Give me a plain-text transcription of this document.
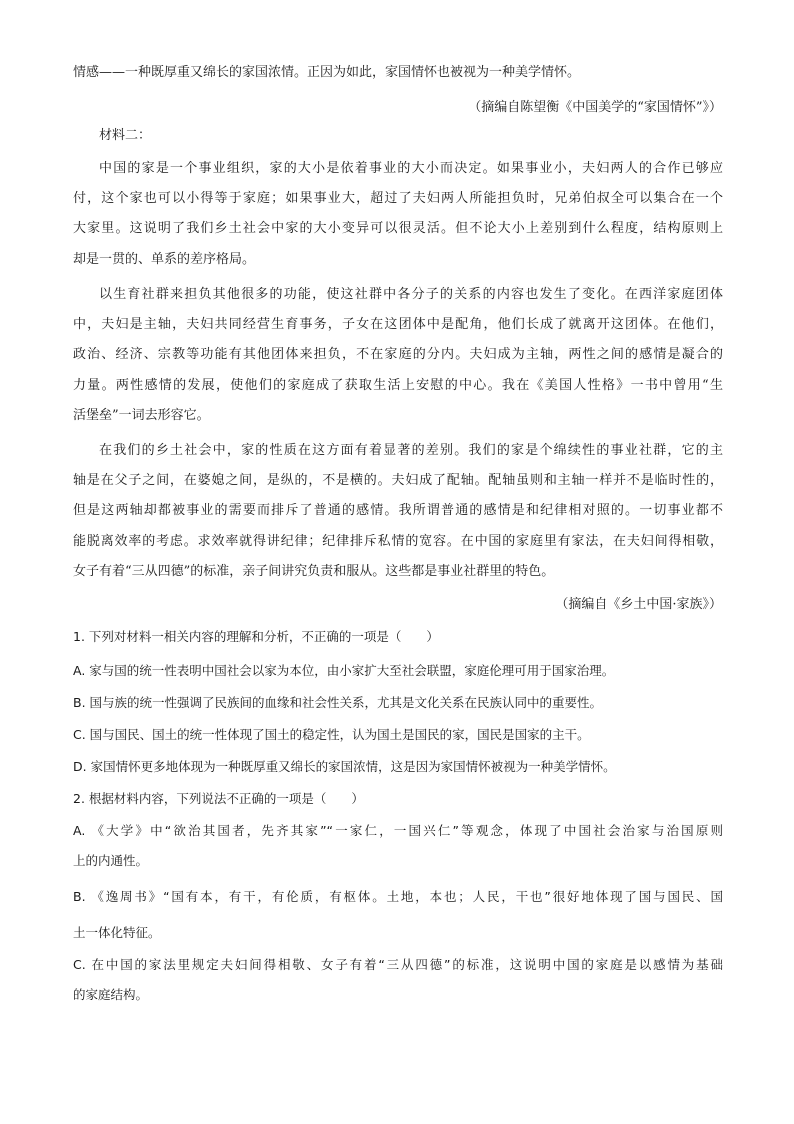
情感——一种既厚重又绵长的家国浓情。正因为如此，家国情怀也被视为一种美学情怀。
（摘编自陈望衡《中国美学的“家国情怀”》）
材料二：
中国的家是一个事业组织，家的大小是依着事业的大小而决定。如果事业小，夫妇两人的合作已够应
付，这个家也可以小得等于家庭；如果事业大，超过了夫妇两人所能担负时，兄弟伯叔全可以集合在一个
大家里。这说明了我们乡土社会中家的大小变异可以很灵活。但不论大小上差别到什么程度，结构原则上
却是一贯的、单系的差序格局。
以生育社群来担负其他很多的功能，使这社群中各分子的关系的内容也发生了变化。在西洋家庭团体
中，夫妇是主轴，夫妇共同经营生育事务，子女在这团体中是配角，他们长成了就离开这团体。在他们，
政治、经济、宗教等功能有其他团体来担负，不在家庭的分内。夫妇成为主轴，两性之间的感情是凝合的
力量。两性感情的发展，使他们的家庭成了获取生活上安慰的中心。我在《美国人性格》一书中曾用“生
活堡垒”一词去形容它。
在我们的乡土社会中，家的性质在这方面有着显著的差别。我们的家是个绵续性的事业社群，它的主
轴是在父子之间，在婆媳之间，是纵的，不是横的。夫妇成了配轴。配轴虽则和主轴一样并不是临时性的，
但是这两轴却都被事业的需要而排斥了普通的感情。我所谓普通的感情是和纪律相对照的。一切事业都不
能脱离效率的考虑。求效率就得讲纪律；纪律排斥私情的宽容。在中国的家庭里有家法，在夫妇间得相敬，
女子有着“三从四德”的标准，亲子间讲究负责和服从。这些都是事业社群里的特色。
（摘编自《乡土中国·家族》）
1. 下列对材料一相关内容的理解和分析，不正确的一项是（　　）
A. 家与国的统一性表明中国社会以家为本位，由小家扩大至社会联盟，家庭伦理可用于国家治理。
B. 国与族的统一性强调了民族间的血缘和社会性关系，尤其是文化关系在民族认同中的重要性。
C. 国与国民、国土的统一性体现了国土的稳定性，认为国土是国民的家，国民是国家的主干。
D. 家国情怀更多地体现为一种既厚重又绵长的家国浓情，这是因为家国情怀被视为一种美学情怀。
2. 根据材料内容，下列说法不正确的一项是（　　）
A. 《大学》中“欲治其国者，先齐其家”“一家仁，一国兴仁”等观念，体现了中国社会治家与治国原则
上的内通性。
B. 《逸周书》“国有本，有干，有伦质，有枢体。土地，本也；人民，干也”很好地体现了国与国民、国
土一体化特征。
C. 在中国的家法里规定夫妇间得相敬、女子有着“三从四德”的标准，这说明中国的家庭是以感情为基础
的家庭结构。
